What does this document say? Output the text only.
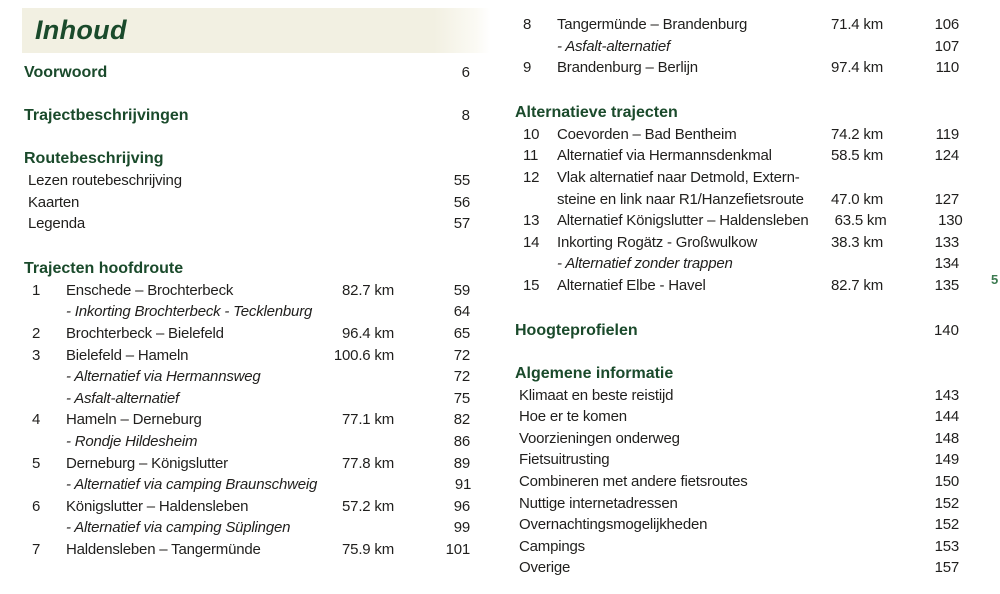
Inhoud
Voorwoord	6
Trajectbeschrijvingen	8
Routebeschrijving
Lezen routebeschrijving	55
Kaarten	56
Legenda	57
Trajecten hoofdroute
1	Enschede – Brochterbeck	82.7 km	59
- Inkorting Brochterbeck - Tecklenburg	64
2	Brochterbeck – Bielefeld	96.4 km	65
3	Bielefeld – Hameln	100.6 km	72
- Alternatief via Hermannsweg	72
- Asfalt-alternatief	75
4	Hameln – Derneburg	77.1 km	82
- Rondje Hildesheim	86
5	Derneburg – Königslutter	77.8 km	89
- Alternatief via camping Braunschweig	91
6	Königslutter – Haldensleben	57.2 km	96
- Alternatief via camping Süplingen	99
7	Haldensleben – Tangermünde	75.9 km	101
8	Tangermünde – Brandenburg	71.4 km	106
- Asfalt-alternatief	107
9	Brandenburg – Berlijn	97.4 km	110
Alternatieve trajecten
10	Coevorden – Bad Bentheim	74.2 km	119
11	Alternatief via Hermannsdenkmal	58.5 km	124
12	Vlak alternatief naar Detmold, Extern-
steine en link naar R1/Hanzefietsroute	47.0 km	127
13	Alternatief Königslutter – Haldensleben	63.5 km	130
14	Inkorting Rogätz - Großwulkow	38.3 km	133
- Alternatief zonder trappen	134
15	Alternatief Elbe - Havel	82.7 km	135
Hoogteprofielen	140
Algemene informatie
Klimaat en beste reistijd	143
Hoe er te komen	144
Voorzieningen onderweg	148
Fietsuitrusting	149
Combineren met andere fietsroutes	150
Nuttige internetadressen	152
Overnachtingsmogelijkheden	152
Campings	153
Overige	157
5
